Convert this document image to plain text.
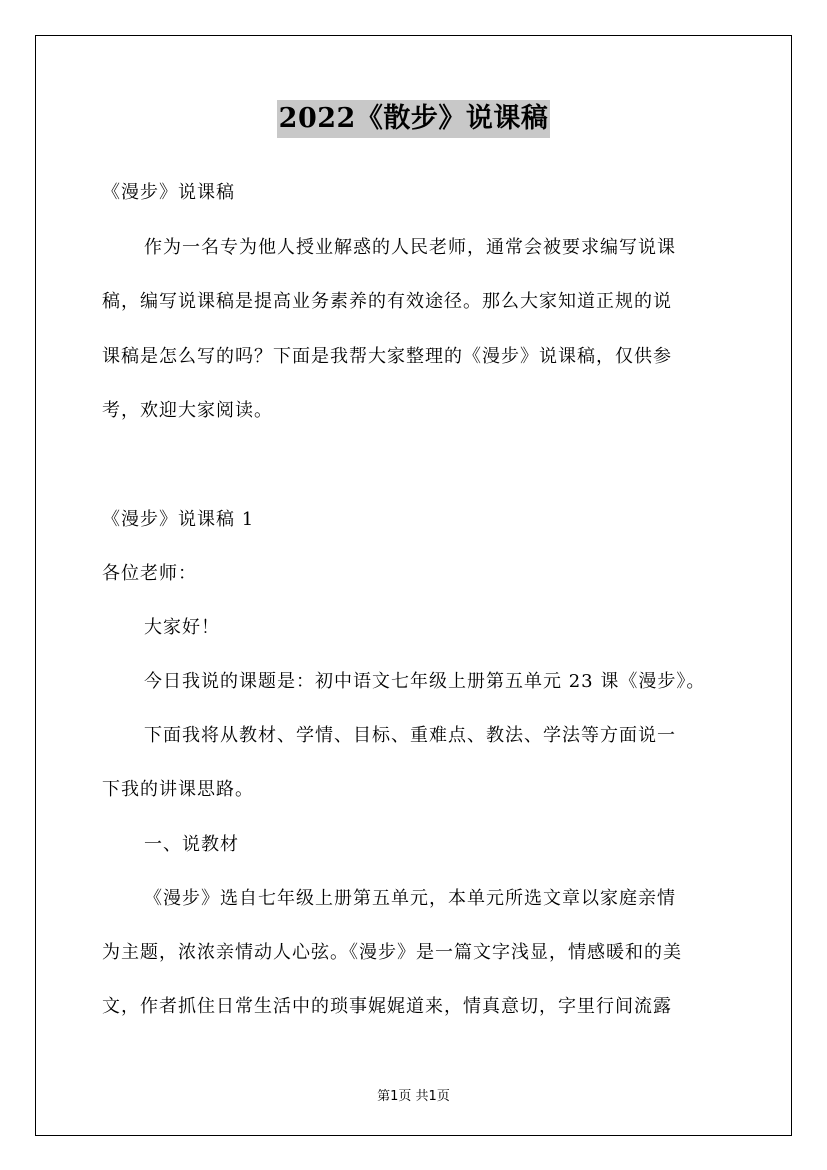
2022《散步》说课稿
《漫步》说课稿
作为一名专为他人授业解惑的人民老师，通常会被要求编写说课
稿，编写说课稿是提高业务素养的有效途径。那么大家知道正规的说
课稿是怎么写的吗？下面是我帮大家整理的《漫步》说课稿，仅供参
考，欢迎大家阅读。
《漫步》说课稿 1
各位老师：
大家好！
今日我说的课题是：初中语文七年级上册第五单元 23 课《漫步》。
下面我将从教材、学情、目标、重难点、教法、学法等方面说一
下我的讲课思路。
一、说教材
《漫步》选自七年级上册第五单元，本单元所选文章以家庭亲情
为主题，浓浓亲情动人心弦。《漫步》是一篇文字浅显，情感暖和的美
文，作者抓住日常生活中的琐事娓娓道来，情真意切，字里行间流露
第1页 共1页
